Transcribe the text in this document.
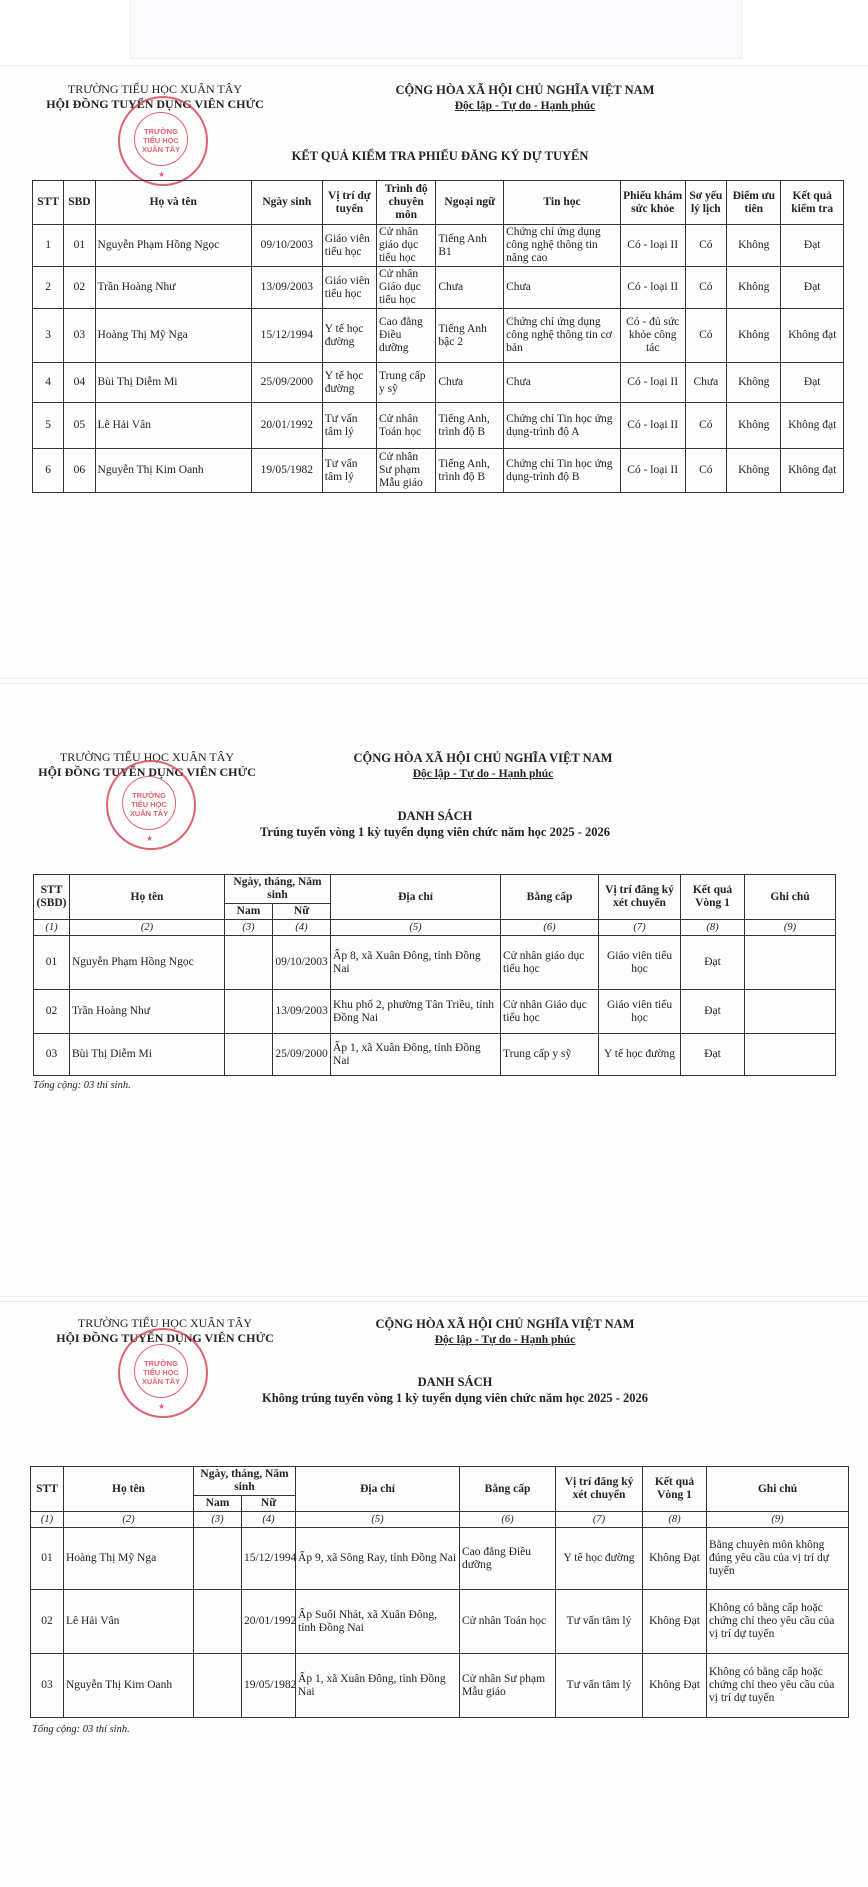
TRƯỜNG TIỂU HỌC XUÂN TÂY
HỘI ĐỒNG TUYỂN DỤNG VIÊN CHỨC
CỘNG HÒA XÃ HỘI CHỦ NGHĨA VIỆT NAM
Độc lập - Tự do - Hạnh phúc
TRƯỜNG
TIỂU HỌC
XUÂN TÂY
★
KẾT QUẢ KIỂM TRA PHIẾU ĐĂNG KÝ DỰ TUYỂN
STT	SBD	Họ và tên	Ngày sinh	Vị trí dự tuyển	Trình độ chuyên môn	Ngoại ngữ	Tin học	Phiếu khám sức khỏe	Sơ yếu lý lịch	Điểm ưu tiên	Kết quả kiểm tra
1	01	Nguyễn Phạm Hồng Ngọc	09/10/2003	Giáo viên tiểu học	Cử nhân giáo dục tiểu học	Tiếng Anh B1	Chứng chỉ ứng dụng công nghệ thông tin nâng cao	Có - loại II	Có	Không	Đạt
2	02	Trần Hoàng Như	13/09/2003	Giáo viên tiểu học	Cử nhân Giáo dục tiểu học	Chưa	Chưa	Có - loại II	Có	Không	Đạt
3	03	Hoàng Thị Mỹ Nga	15/12/1994	Y tế học đường	Cao đẳng Điều dưỡng	Tiếng Anh bậc 2	Chứng chỉ ứng dụng công nghệ thông tin cơ bản	Có - đủ sức khỏe công tác	Có	Không	Không đạt
4	04	Bùi Thị Diễm Mi	25/09/2000	Y tế học đường	Trung cấp y sỹ	Chưa	Chưa	Có - loại II	Chưa	Không	Đạt
5	05	Lê Hải Vân	20/01/1992	Tư vấn tâm lý	Cử nhân Toán học	Tiếng Anh, trình độ B	Chứng chỉ Tin học ứng dụng-trình độ A	Có - loại II	Có	Không	Không đạt
6	06	Nguyễn Thị Kim Oanh	19/05/1982	Tư vấn tâm lý	Cử nhân Sư phạm Mẫu giáo	Tiếng Anh, trình độ B	Chứng chỉ Tin học ứng dụng-trình độ B	Có - loại II	Có	Không	Không đạt
TRƯỜNG TIỂU HỌC XUÂN TÂY
HỘI ĐỒNG TUYỂN DỤNG VIÊN CHỨC
CỘNG HÒA XÃ HỘI CHỦ NGHĨA VIỆT NAM
Độc lập - Tự do - Hạnh phúc
TRƯỜNG
TIỂU HỌC
XUÂN TÂY
★
DANH SÁCH
Trúng tuyển vòng 1 kỳ tuyển dụng viên chức năm học 2025 - 2026
STT (SBD)	Họ tên	Ngày, tháng, Năm sinh		Địa chỉ	Bằng cấp	Vị trí đăng ký xét chuyển	Kết quả Vòng 1	Ghi chú
		Nam	Nữ					
(1)	(2)	(3)	(4)	(5)	(6)	(7)	(8)	(9)
01	Nguyễn Phạm Hồng Ngọc		09/10/2003	Ấp 8, xã Xuân Đông, tỉnh Đồng Nai	Cử nhân giáo dục tiểu học	Giáo viên tiểu học	Đạt	
02	Trần Hoàng Như		13/09/2003	Khu phố 2, phường Tân Triều, tỉnh Đồng Nai	Cử nhân Giáo dục tiểu học	Giáo viên tiểu học	Đạt	
03	Bùi Thị Diễm Mi		25/09/2000	Ấp 1, xã Xuân Đông, tỉnh Đồng Nai	Trung cấp y sỹ	Y tế học đường	Đạt	
Tổng cộng: 03 thí sinh.
TRƯỜNG TIỂU HỌC XUÂN TÂY
HỘI ĐỒNG TUYỂN DỤNG VIÊN CHỨC
CỘNG HÒA XÃ HỘI CHỦ NGHĨA VIỆT NAM
Độc lập - Tự do - Hạnh phúc
TRƯỜNG
TIỂU HỌC
XUÂN TÂY
★
DANH SÁCH
Không trúng tuyển vòng 1 kỳ tuyển dụng viên chức năm học 2025 - 2026
STT	Họ tên	Ngày, tháng, Năm sinh		Địa chỉ	Bằng cấp	Vị trí đăng ký xét chuyển	Kết quả Vòng 1	Ghi chú
		Nam	Nữ					
(1)	(2)	(3)	(4)	(5)	(6)	(7)	(8)	(9)
01	Hoàng Thị Mỹ Nga		15/12/1994	Ấp 9, xã Sông Ray, tỉnh Đồng Nai	Cao đẳng Điều dưỡng	Y tế học đường	Không Đạt	Bằng chuyên môn không đúng yêu cầu của vị trí dự tuyển
02	Lê Hải Vân		20/01/1992	Ấp Suối Nhát, xã Xuân Đông, tỉnh Đồng Nai	Cử nhân Toán học	Tư vấn tâm lý	Không Đạt	Không có bằng cấp hoặc chứng chỉ theo yêu cầu của vị trí dự tuyển
03	Nguyễn Thị Kim Oanh		19/05/1982	Ấp 1, xã Xuân Đông, tỉnh Đồng Nai	Cử nhân Sư phạm Mẫu giáo	Tư vấn tâm lý	Không Đạt	Không có bằng cấp hoặc chứng chỉ theo yêu cầu của vị trí dự tuyển
Tổng cộng: 03 thí sinh.
